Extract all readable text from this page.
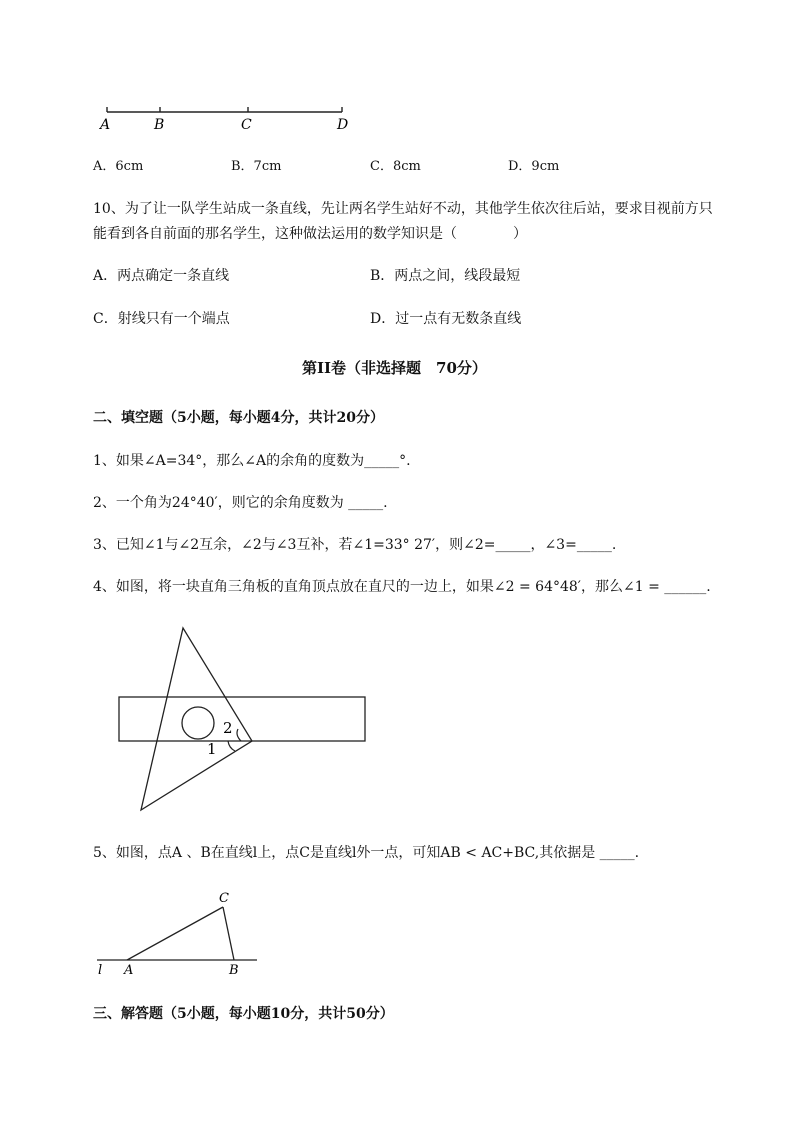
A	B	C	D
A．6cm	B．7cm	C．8cm	D．9cm
10、为了让一队学生站成一条直线，先让两名学生站好不动，其他学生依次往后站，要求目视前方只
能看到各自前面的那名学生，这种做法运用的数学知识是（　　　　）
A．两点确定一条直线	B．两点之间，线段最短
C．射线只有一个端点	D．过一点有无数条直线
第II卷（非选择题　70分）
二、填空题（5小题，每小题4分，共计20分）
1、如果∠A=34°，那么∠A的余角的度数为_____°.
2、一个角为24°40′，则它的余角度数为 _____.
3、已知∠1与∠2互余，∠2与∠3互补，若∠1=33° 27′，则∠2=_____，∠3=_____.
4、如图，将一块直角三角板的直角顶点放在直尺的一边上，如果∠2 = 64°48′，那么∠1 = ______.
2
1
5、如图，点A 、B在直线l上，点C是直线l外一点，可知AB < AC+BC,其依据是 _____.
C
l A	B
三、解答题（5小题，每小题10分，共计50分）
